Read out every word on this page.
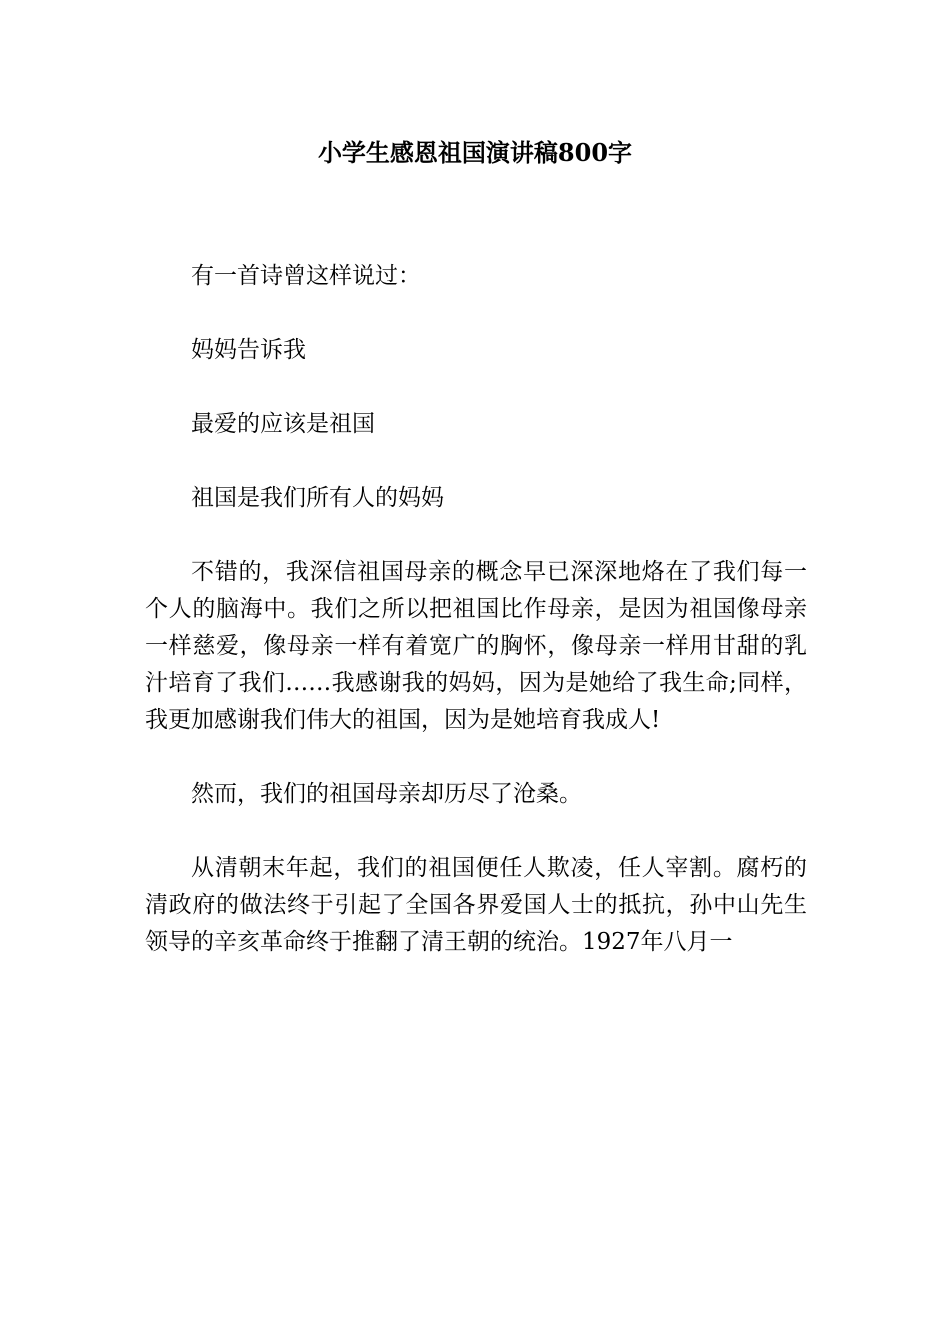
小学生感恩祖国演讲稿800字

有一首诗曾这样说过：

妈妈告诉我

最爱的应该是祖国

祖国是我们所有人的妈妈

不错的，我深信祖国母亲的概念早已深深地烙在了我们每一个人的脑海中。我们之所以把祖国比作母亲，是因为祖国像母亲一样慈爱，像母亲一样有着宽广的胸怀，像母亲一样用甘甜的乳汁培育了我们……我感谢我的妈妈，因为是她给了我生命;同样，我更加感谢我们伟大的祖国，因为是她培育我成人!

然而，我们的祖国母亲却历尽了沧桑。

从清朝末年起，我们的祖国便任人欺凌，任人宰割。腐朽的清政府的做法终于引起了全国各界爱国人士的抵抗，孙中山先生领导的辛亥革命终于推翻了清王朝的统治。1927年八月一
